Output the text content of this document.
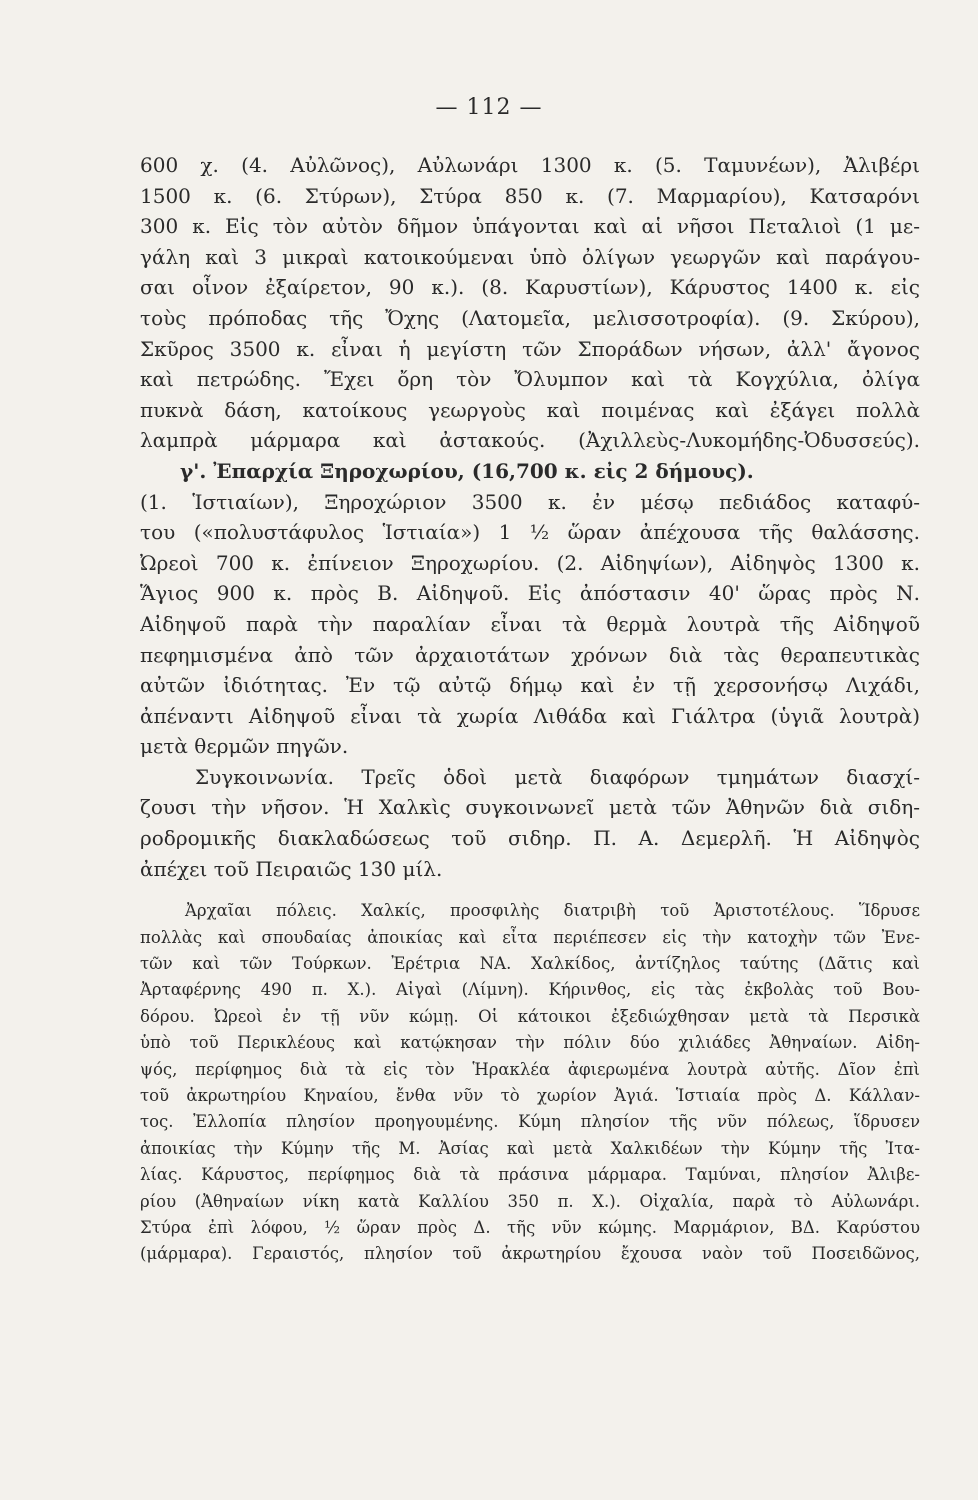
— 112 —
600 χ. (4. Αὐλῶνος), Αὐλωνάρι 1300 κ. (5. Ταμυνέων), Ἀλιβέρι
1500 κ. (6. Στύρων), Στύρα 850 κ. (7. Μαρμαρίου), Κατσαρόνι
300 κ. Εἰς τὸν αὐτὸν δῆμον ὑπάγονται καὶ αἱ νῆσοι Πεταλιοὶ (1 με-
γάλη καὶ 3 μικραὶ κατοικούμεναι ὑπὸ ὀλίγων γεωργῶν καὶ παράγου-
σαι οἶνον ἐξαίρετον, 90 κ.). (8. Καρυστίων), Κάρυστος 1400 κ. εἰς
τοὺς πρόποδας τῆς Ὄχης (Λατομεῖα, μελισσοτροφία). (9. Σκύρου),
Σκῦρος 3500 κ. εἶναι ἡ μεγίστη τῶν Σποράδων νήσων, ἀλλ' ἄγονος
καὶ πετρώδης. Ἔχει ὄρη τὸν Ὄλυμπον καὶ τὰ Κογχύλια, ὀλίγα
πυκνὰ δάση, κατοίκους γεωργοὺς καὶ ποιμένας καὶ ἐξάγει πολλὰ
λαμπρὰ μάρμαρα καὶ ἀστακούς. (Ἀχιλλεὺς-Λυκομήδης-Ὀδυσσεύς).
γ'. Ἐπαρχία Ξηροχωρίου, (16,700 κ. εἰς 2 δήμους).
(1. Ἱστιαίων), Ξηροχώριον 3500 κ. ἐν μέσῳ πεδιάδος καταφύ-
του («πολυστάφυλος Ἱστιαία») 1 ½ ὥραν ἀπέχουσα τῆς θαλάσσης.
Ὠρεοὶ 700 κ. ἐπίνειον Ξηροχωρίου. (2. Αἰδηψίων), Αἰδηψὸς 1300 κ.
Ἅγιος 900 κ. πρὸς Β. Αἰδηψοῦ. Εἰς ἀπόστασιν 40' ὥρας πρὸς Ν.
Αἰδηψοῦ παρὰ τὴν παραλίαν εἶναι τὰ θερμὰ λουτρὰ τῆς Αἰδηψοῦ
πεφημισμένα ἀπὸ τῶν ἀρχαιοτάτων χρόνων διὰ τὰς θεραπευτικὰς
αὐτῶν ἰδιότητας. Ἐν τῷ αὐτῷ δήμῳ καὶ ἐν τῇ χερσονήσῳ Λιχάδι,
ἀπέναντι Αἰδηψοῦ εἶναι τὰ χωρία Λιθάδα καὶ Γιάλτρα (ὑγιᾶ λουτρὰ)
μετὰ θερμῶν πηγῶν.
Συγκοινωνία. Τρεῖς ὁδοὶ μετὰ διαφόρων τμημάτων διασχί-
ζουσι τὴν νῆσον. Ἡ Χαλκὶς συγκοινωνεῖ μετὰ τῶν Ἀθηνῶν διὰ σιδη-
ροδρομικῆς διακλαδώσεως τοῦ σιδηρ. Π. Α. Δεμερλῆ. Ἡ Αἰδηψὸς
ἀπέχει τοῦ Πειραιῶς 130 μίλ.
Ἀρχαῖαι πόλεις. Χαλκίς, προσφιλὴς διατριβὴ τοῦ Ἀριστοτέλους. Ἵδρυσε
πολλὰς καὶ σπουδαίας ἀποικίας καὶ εἶτα περιέπεσεν εἰς τὴν κατοχὴν τῶν Ἐνε-
τῶν καὶ τῶν Τούρκων. Ἐρέτρια ΝΑ. Χαλκίδος, ἀντίζηλος ταύτης (Δᾶτις καὶ
Ἀρταφέρνης 490 π. Χ.). Αἰγαὶ (Λίμνη). Κήρινθος, εἰς τὰς ἐκβολὰς τοῦ Βου-
δόρου. Ὠρεοὶ ἐν τῇ νῦν κώμῃ. Οἱ κάτοικοι ἐξεδιώχθησαν μετὰ τὰ Περσικὰ
ὑπὸ τοῦ Περικλέους καὶ κατῴκησαν τὴν πόλιν δύο χιλιάδες Ἀθηναίων. Αἰδη-
ψός, περίφημος διὰ τὰ εἰς τὸν Ἡρακλέα ἀφιερωμένα λουτρὰ αὐτῆς. Δῖον ἐπὶ
τοῦ ἀκρωτηρίου Κηναίου, ἔνθα νῦν τὸ χωρίον Ἀγιά. Ἱστιαία πρὸς Δ. Κάλλαν-
τος. Ἐλλοπία πλησίον προηγουμένης. Κύμη πλησίον τῆς νῦν πόλεως, ἵδρυσεν
ἀποικίας τὴν Κύμην τῆς Μ. Ἀσίας καὶ μετὰ Χαλκιδέων τὴν Κύμην τῆς Ἰτα-
λίας. Κάρυστος, περίφημος διὰ τὰ πράσινα μάρμαρα. Ταμύναι, πλησίον Ἀλιβε-
ρίου (Ἀθηναίων νίκη κατὰ Καλλίου 350 π. Χ.). Οἰχαλία, παρὰ τὸ Αὐλωνάρι.
Στύρα ἐπὶ λόφου, ½ ὥραν πρὸς Δ. τῆς νῦν κώμης. Μαρμάριον, ΒΔ. Καρύστου
(μάρμαρα). Γεραιστός, πλησίον τοῦ ἀκρωτηρίου ἔχουσα ναὸν τοῦ Ποσειδῶνος,
